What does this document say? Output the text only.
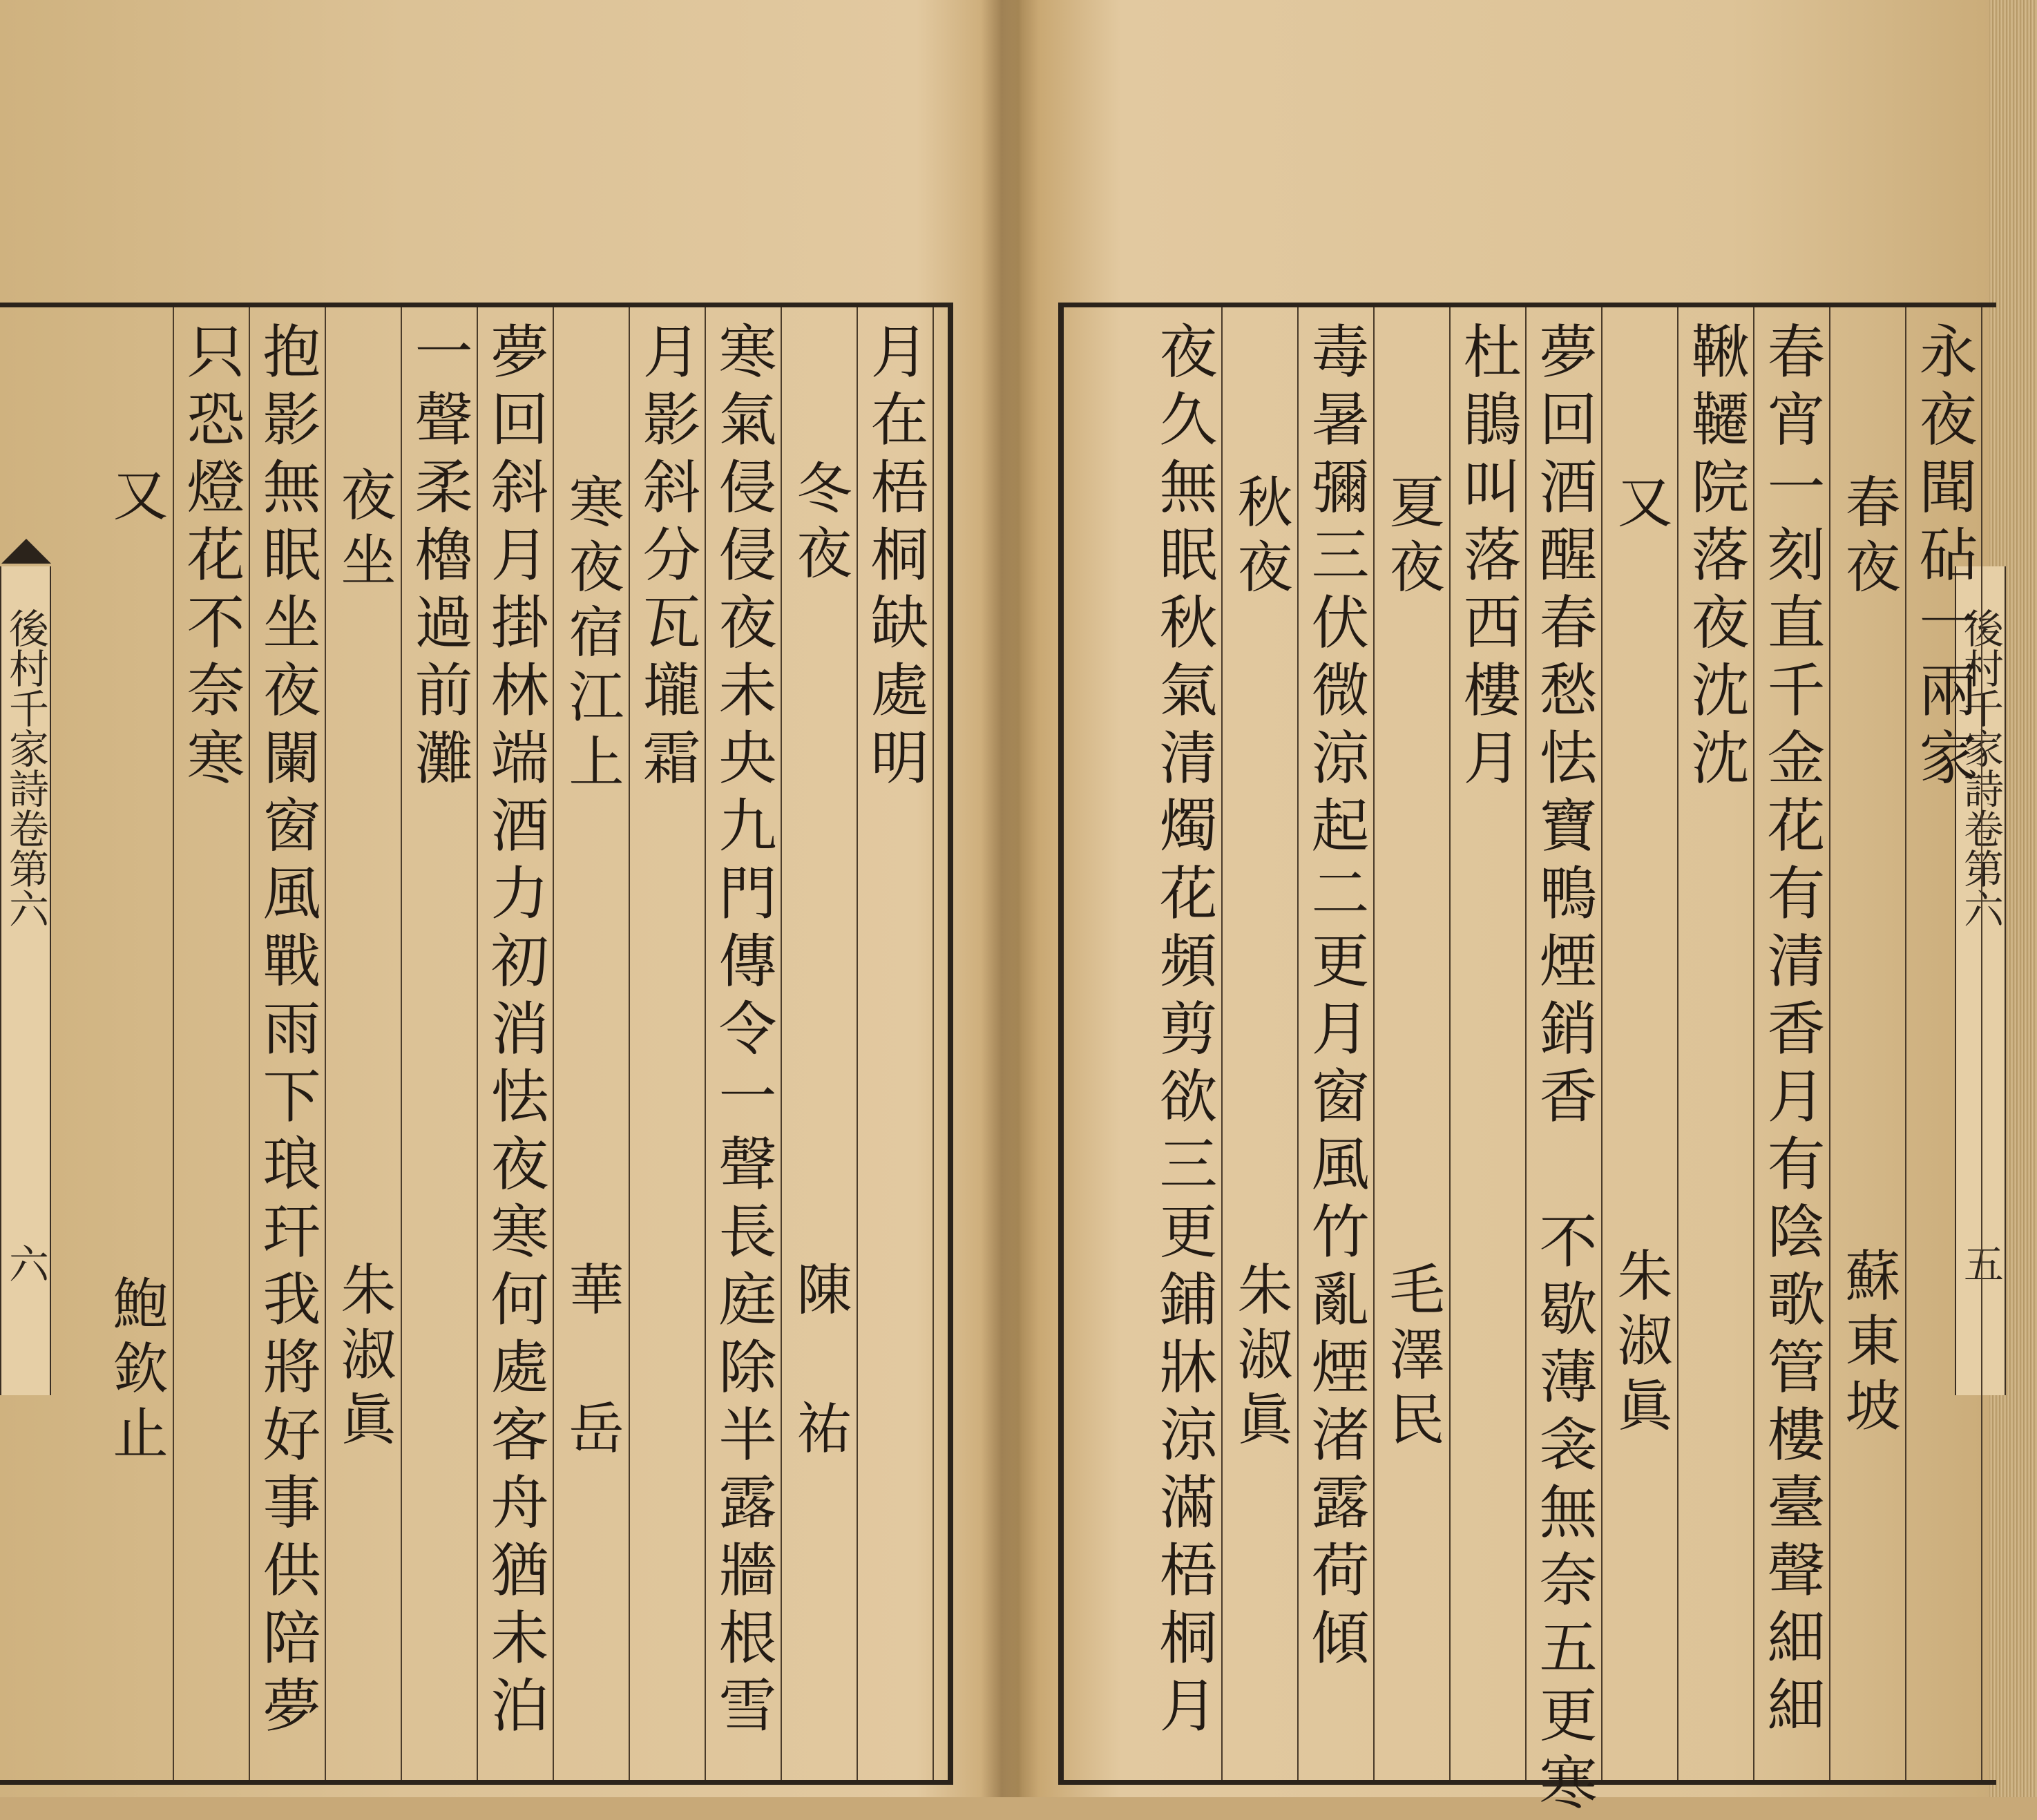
後村千家詩卷第六
六
後村千家詩卷第六
五
月在梧桐缺處明
冬夜
陳 祐
寒氣侵侵夜未央九門傳令一聲長庭除半露牆根雪
月影斜分瓦壠霜
寒夜宿江上
華 岳
夢回斜月掛林端酒力初消怯夜寒何處客舟猶未泊
一聲柔櫓過前灘
夜坐
朱淑眞
抱影無眠坐夜闌窗風戰雨下琅玕我將好事供陪夢
只恐燈花不奈寒
又
鮑欽止
永夜聞砧一兩家
春夜
蘇東坡
春宵一刻直千金花有清香月有陰歌管樓臺聲細細
鞦韆院落夜沈沈
又
朱淑眞
夢回酒醒春愁怯寶鴨煙銷香 不歇薄衾無奈五更寒
杜鵑叫落西樓月
夏夜
毛澤民
毒暑彌三伏微涼起二更月窗風竹亂煙渚露荷傾
秋夜
朱淑眞
夜久無眠秋氣清燭花頻剪欲三更鋪牀涼滿梧桐月
